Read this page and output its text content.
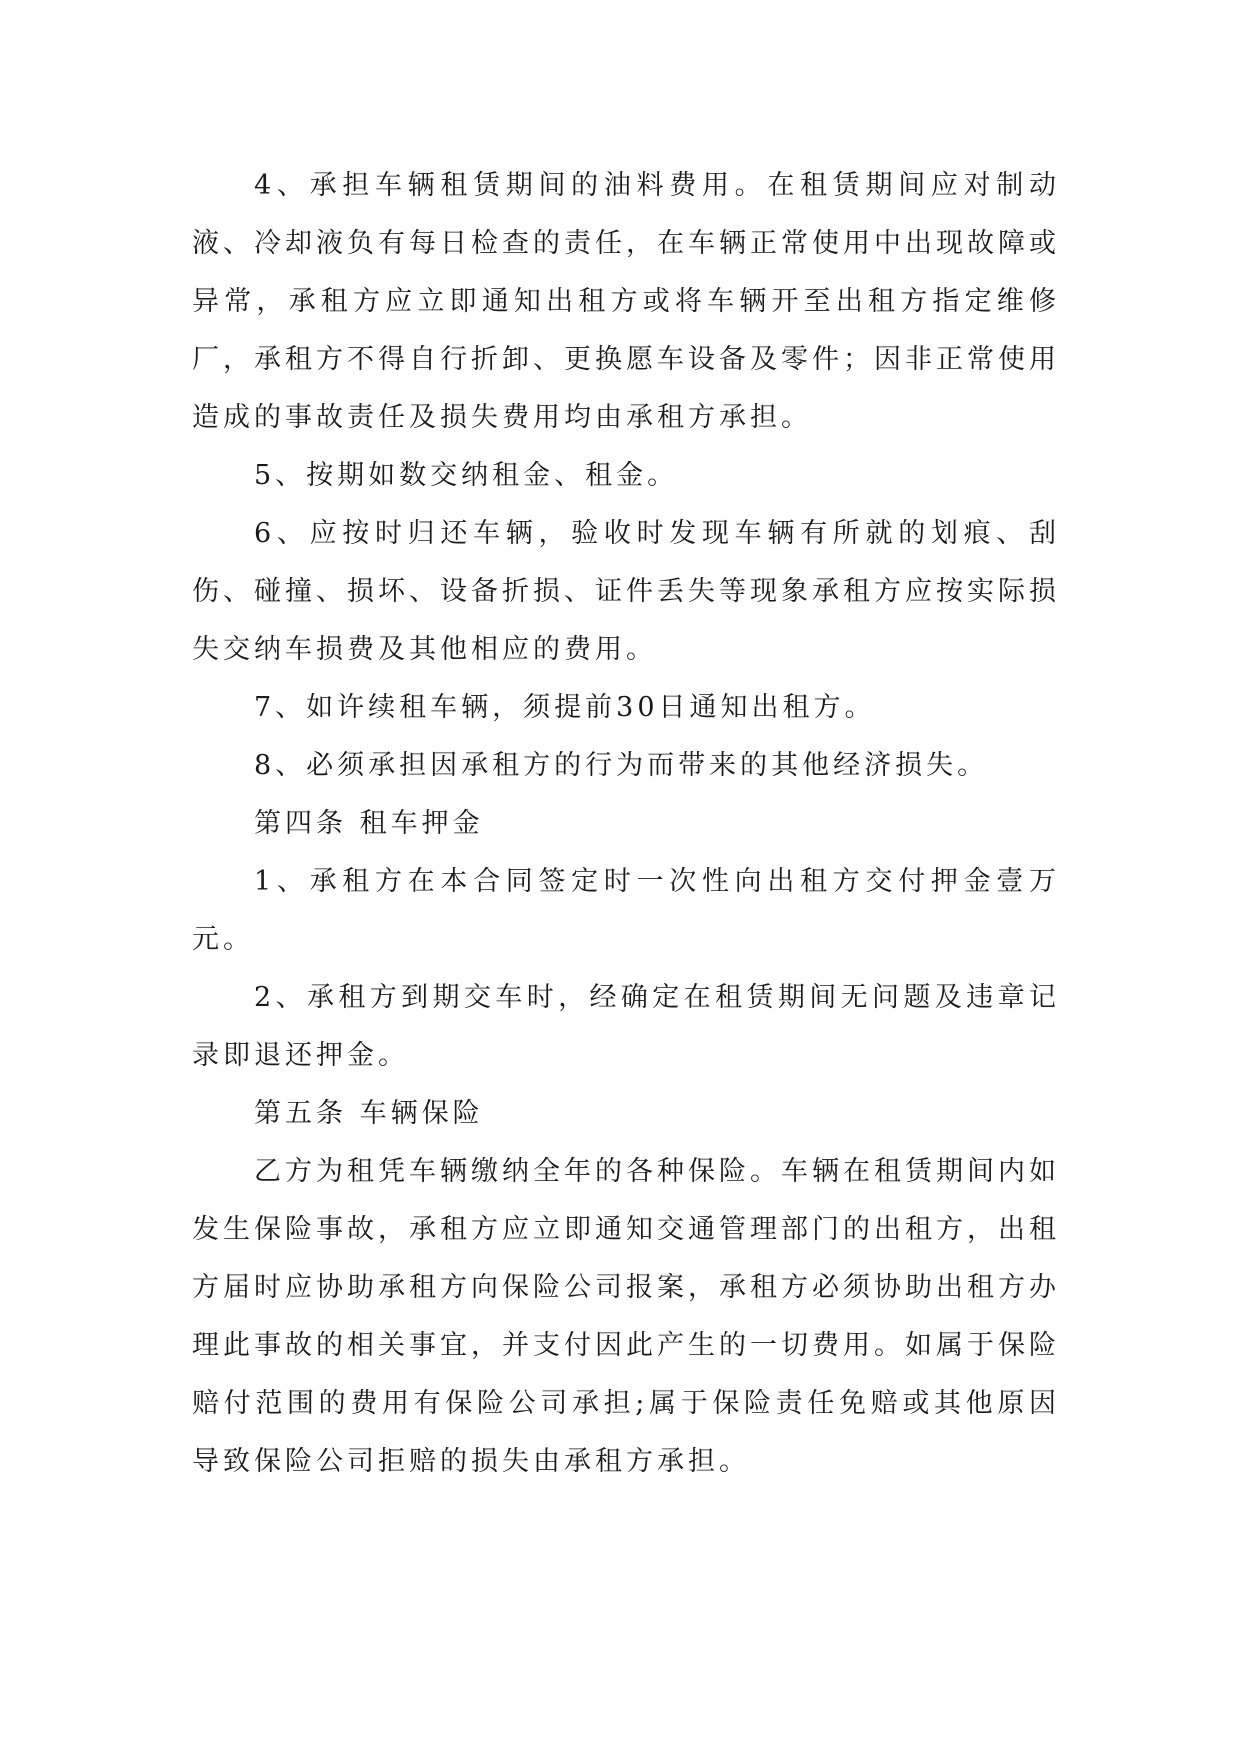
4、承担车辆租赁期间的油料费用。在租赁期间应对制动液、冷却液负有每日检查的责任，在车辆正常使用中出现故障或异常，承租方应立即通知出租方或将车辆开至出租方指定维修厂，承租方不得自行折卸、更换愿车设备及零件；因非正常使用造成的事故责任及损失费用均由承租方承担。

5、按期如数交纳租金、租金。

6、应按时归还车辆，验收时发现车辆有所就的划痕、刮伤、碰撞、损坏、设备折损、证件丢失等现象承租方应按实际损失交纳车损费及其他相应的费用。

7、如许续租车辆，须提前30日通知出租方。

8、必须承担因承租方的行为而带来的其他经济损失。

第四条 租车押金

1、承租方在本合同签定时一次性向出租方交付押金壹万元。

2、承租方到期交车时，经确定在租赁期间无问题及违章记录即退还押金。

第五条 车辆保险

乙方为租凭车辆缴纳全年的各种保险。车辆在租赁期间内如发生保险事故，承租方应立即通知交通管理部门的出租方，出租方届时应协助承租方向保险公司报案，承租方必须协助出租方办理此事故的相关事宜，并支付因此产生的一切费用。如属于保险赔付范围的费用有保险公司承担;属于保险责任免赔或其他原因导致保险公司拒赔的损失由承租方承担。
